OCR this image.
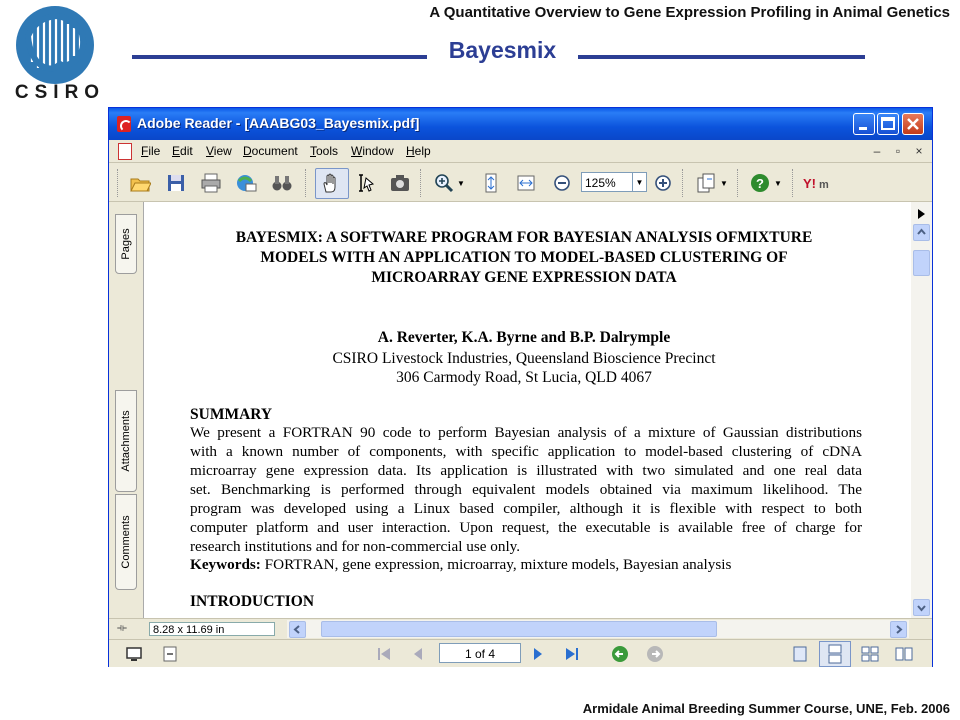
CSIRO
A Quantitative Overview to Gene Expression Profiling in Animal Genetics
Bayesmix
Armidale Animal Breeding Summer Course, UNE, Feb. 2006
Adobe Reader - [AAABG03_Bayesmix.pdf]
File Edit View Document Tools Window Help	–	▫	×
▼	125%	▼	▼ ? ▼ Y! m
Pages
Attachments
Comments
BAYESMIX: A SOFTWARE PROGRAM FOR BAYESIAN ANALYSIS OFMIXTURE
MODELS WITH AN APPLICATION TO MODEL-BASED CLUSTERING OF
MICROARRAY GENE EXPRESSION DATA
A. Reverter, K.A. Byrne and B.P. Dalrymple
CSIRO Livestock Industries, Queensland Bioscience Precinct
306 Carmody Road, St Lucia, QLD 4067
SUMMARY
We present a FORTRAN 90 code to perform Bayesian analysis of a mixture of Gaussian distributions
with a known number of components, with specific application to model-based clustering of cDNA
microarray gene expression data. Its application is illustrated with two simulated and one real data
set. Benchmarking is performed through equivalent models obtained via maximum likelihood. The
program was developed using a Linux based compiler, although it is flexible with respect to both
computer platform and user interaction. Upon request, the executable is available free of charge for
research institutions and for non-commercial use only.
Keywords: FORTRAN, gene expression, microarray, mixture models, Bayesian analysis
INTRODUCTION
⟛	8.28 x 11.69 in
1 of 4
